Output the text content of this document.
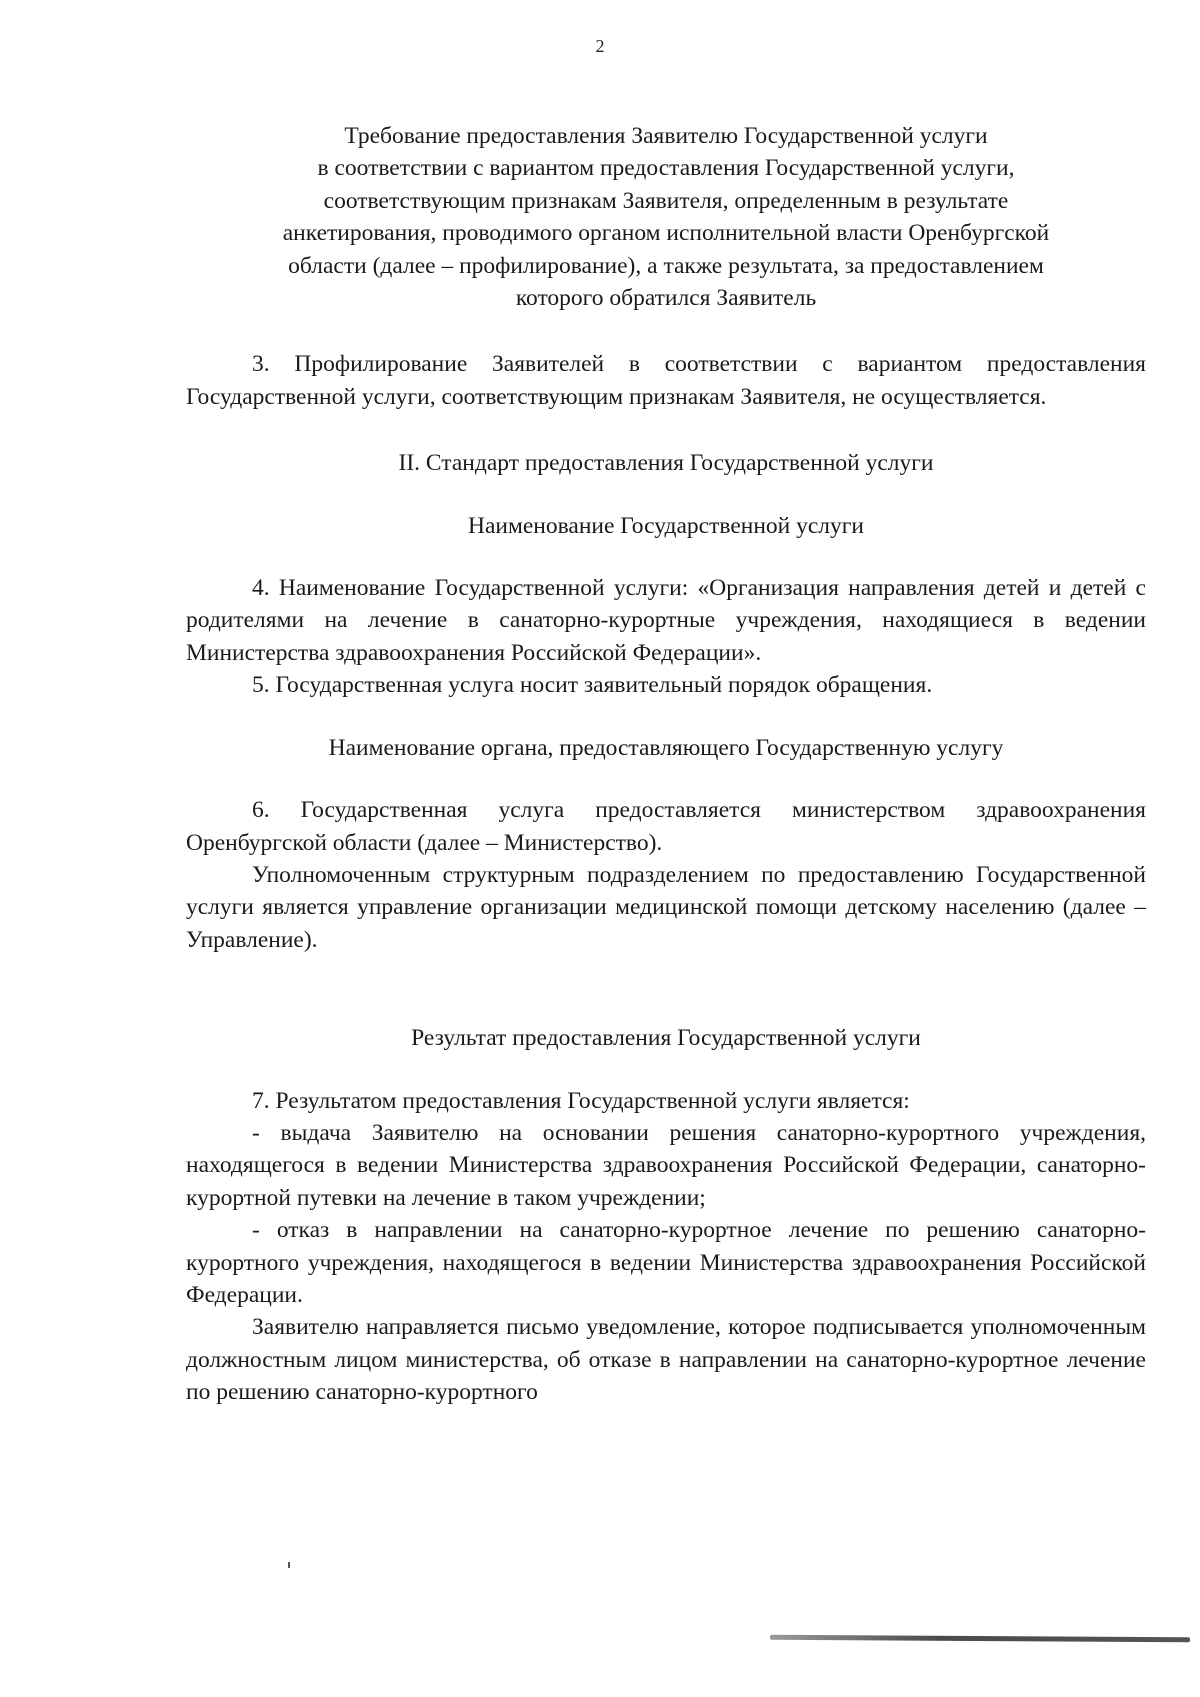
2

Требование предоставления Заявителю Государственной услуги
в соответствии с вариантом предоставления Государственной услуги,
соответствующим признакам Заявителя, определенным в результате
анкетирования, проводимого органом исполнительной власти Оренбургской
области (далее – профилирование), а также результата, за предоставлением
которого обратился Заявитель

3. Профилирование Заявителей в соответствии с вариантом предоставления Государственной услуги, соответствующим признакам Заявителя, не осуществляется.

II. Стандарт предоставления Государственной услуги

Наименование Государственной услуги

4. Наименование Государственной услуги: «Организация направления детей и детей с родителями на лечение в санаторно-курортные учреждения, находящиеся в ведении Министерства здравоохранения Российской Федерации».

5. Государственная услуга носит заявительный порядок обращения.

Наименование органа, предоставляющего Государственную услугу

6. Государственная услуга предоставляется министерством здравоохранения Оренбургской области (далее – Министерство).

Уполномоченным структурным подразделением по предоставлению Государственной услуги является управление организации медицинской помощи детскому населению (далее – Управление).

Результат предоставления Государственной услуги

7. Результатом предоставления Государственной услуги является:

- выдача Заявителю на основании решения санаторно-курортного учреждения, находящегося в ведении Министерства здравоохранения Российской Федерации, санаторно-курортной путевки на лечение в таком учреждении;

- отказ в направлении на санаторно-курортное лечение по решению санаторно-курортного учреждения, находящегося в ведении Министерства здравоохранения Российской Федерации.

Заявителю направляется письмо уведомление, которое подписывается уполномоченным должностным лицом министерства, об отказе в направлении на санаторно-курортное лечение по решению санаторно-курортного
